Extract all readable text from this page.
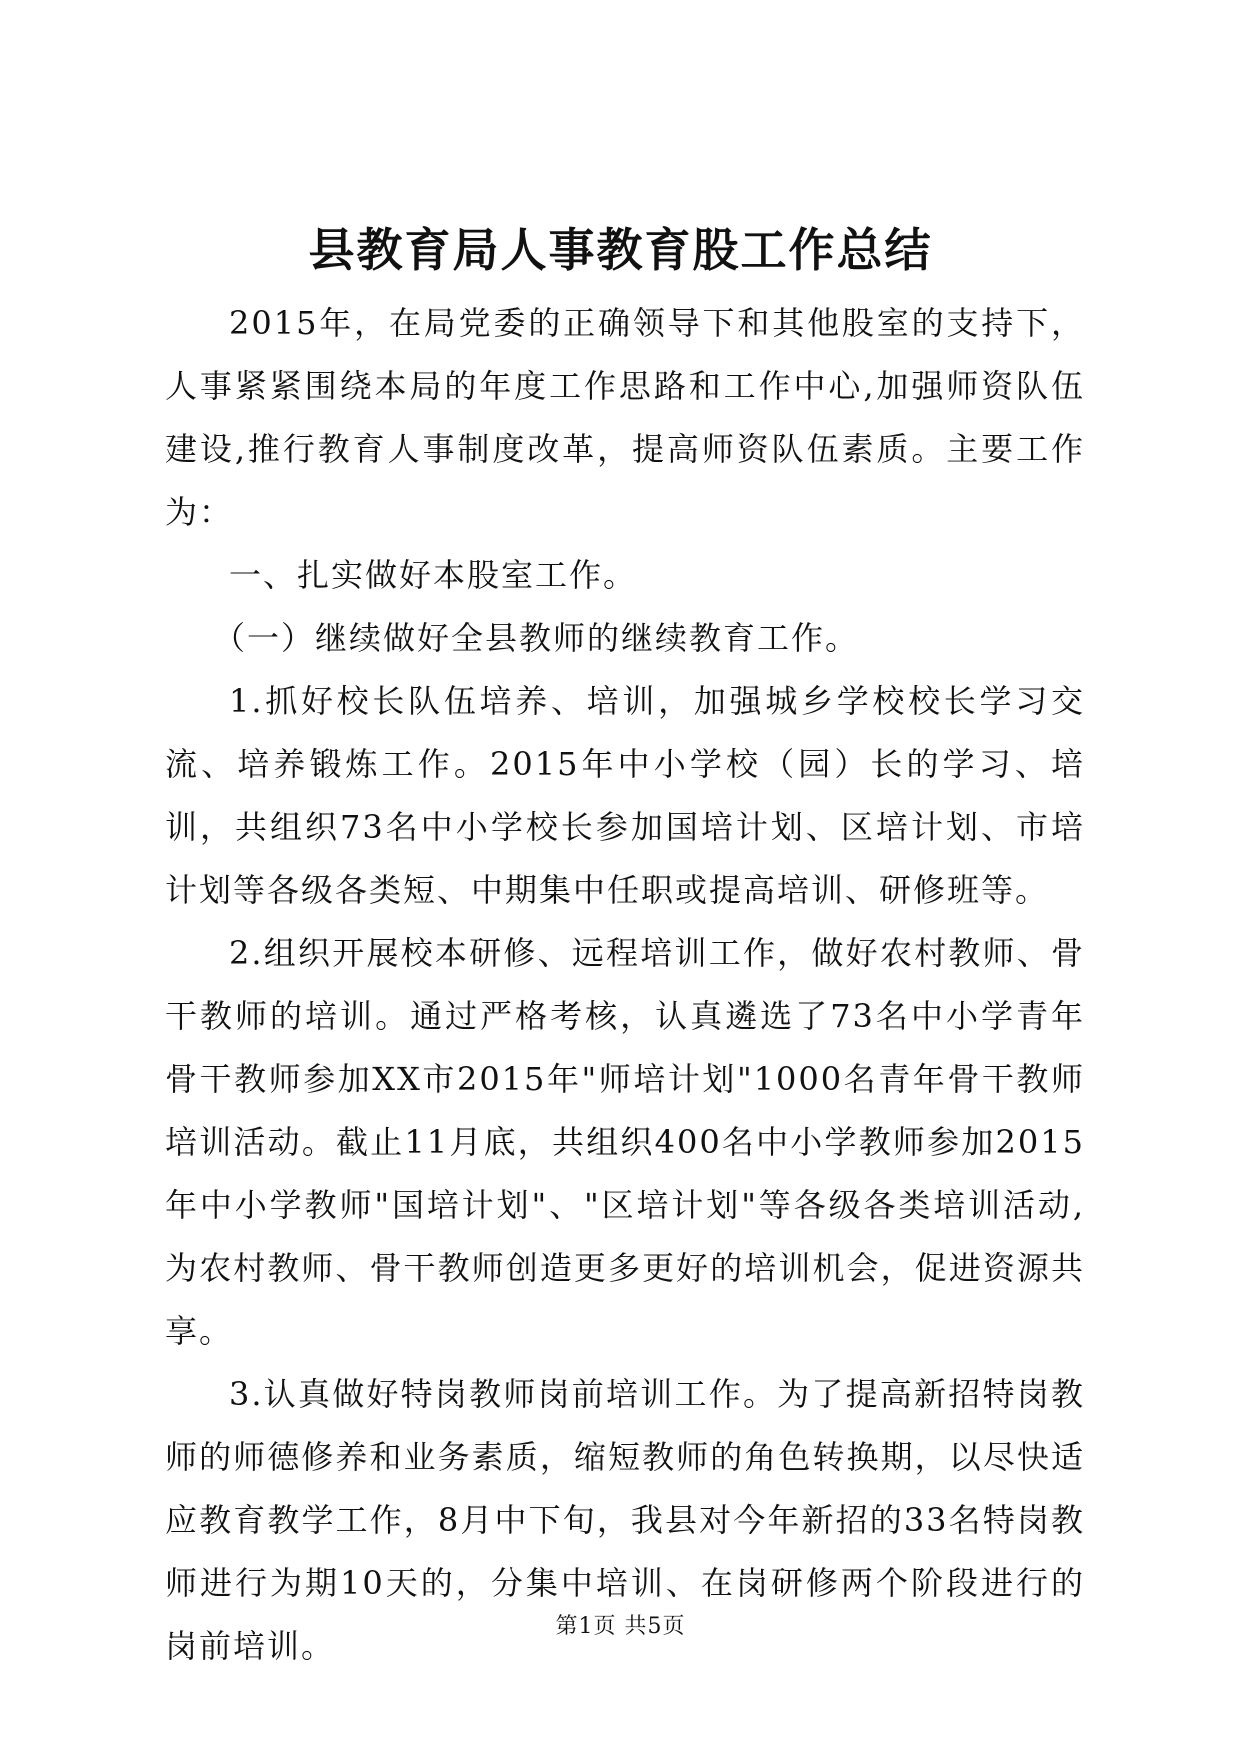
县教育局人事教育股工作总结

2015年，在局党委的正确领导下和其他股室的支持下，人事紧紧围绕本局的年度工作思路和工作中心,加强师资队伍建设,推行教育人事制度改革，提高师资队伍素质。主要工作为：

一、扎实做好本股室工作。

（一）继续做好全县教师的继续教育工作。

1.抓好校长队伍培养、培训，加强城乡学校校长学习交流、培养锻炼工作。2015年中小学校（园）长的学习、培训，共组织73名中小学校长参加国培计划、区培计划、市培计划等各级各类短、中期集中任职或提高培训、研修班等。

2.组织开展校本研修、远程培训工作，做好农村教师、骨干教师的培训。通过严格考核，认真遴选了73名中小学青年骨干教师参加XX市2015年"师培计划"1000名青年骨干教师培训活动。截止11月底，共组织400名中小学教师参加2015年中小学教师"国培计划"、"区培计划"等各级各类培训活动,为农村教师、骨干教师创造更多更好的培训机会，促进资源共享。

3.认真做好特岗教师岗前培训工作。为了提高新招特岗教师的师德修养和业务素质，缩短教师的角色转换期，以尽快适应教育教学工作，8月中下旬，我县对今年新招的33名特岗教师进行为期10天的，分集中培训、在岗研修两个阶段进行的岗前培训。

第1页 共5页
